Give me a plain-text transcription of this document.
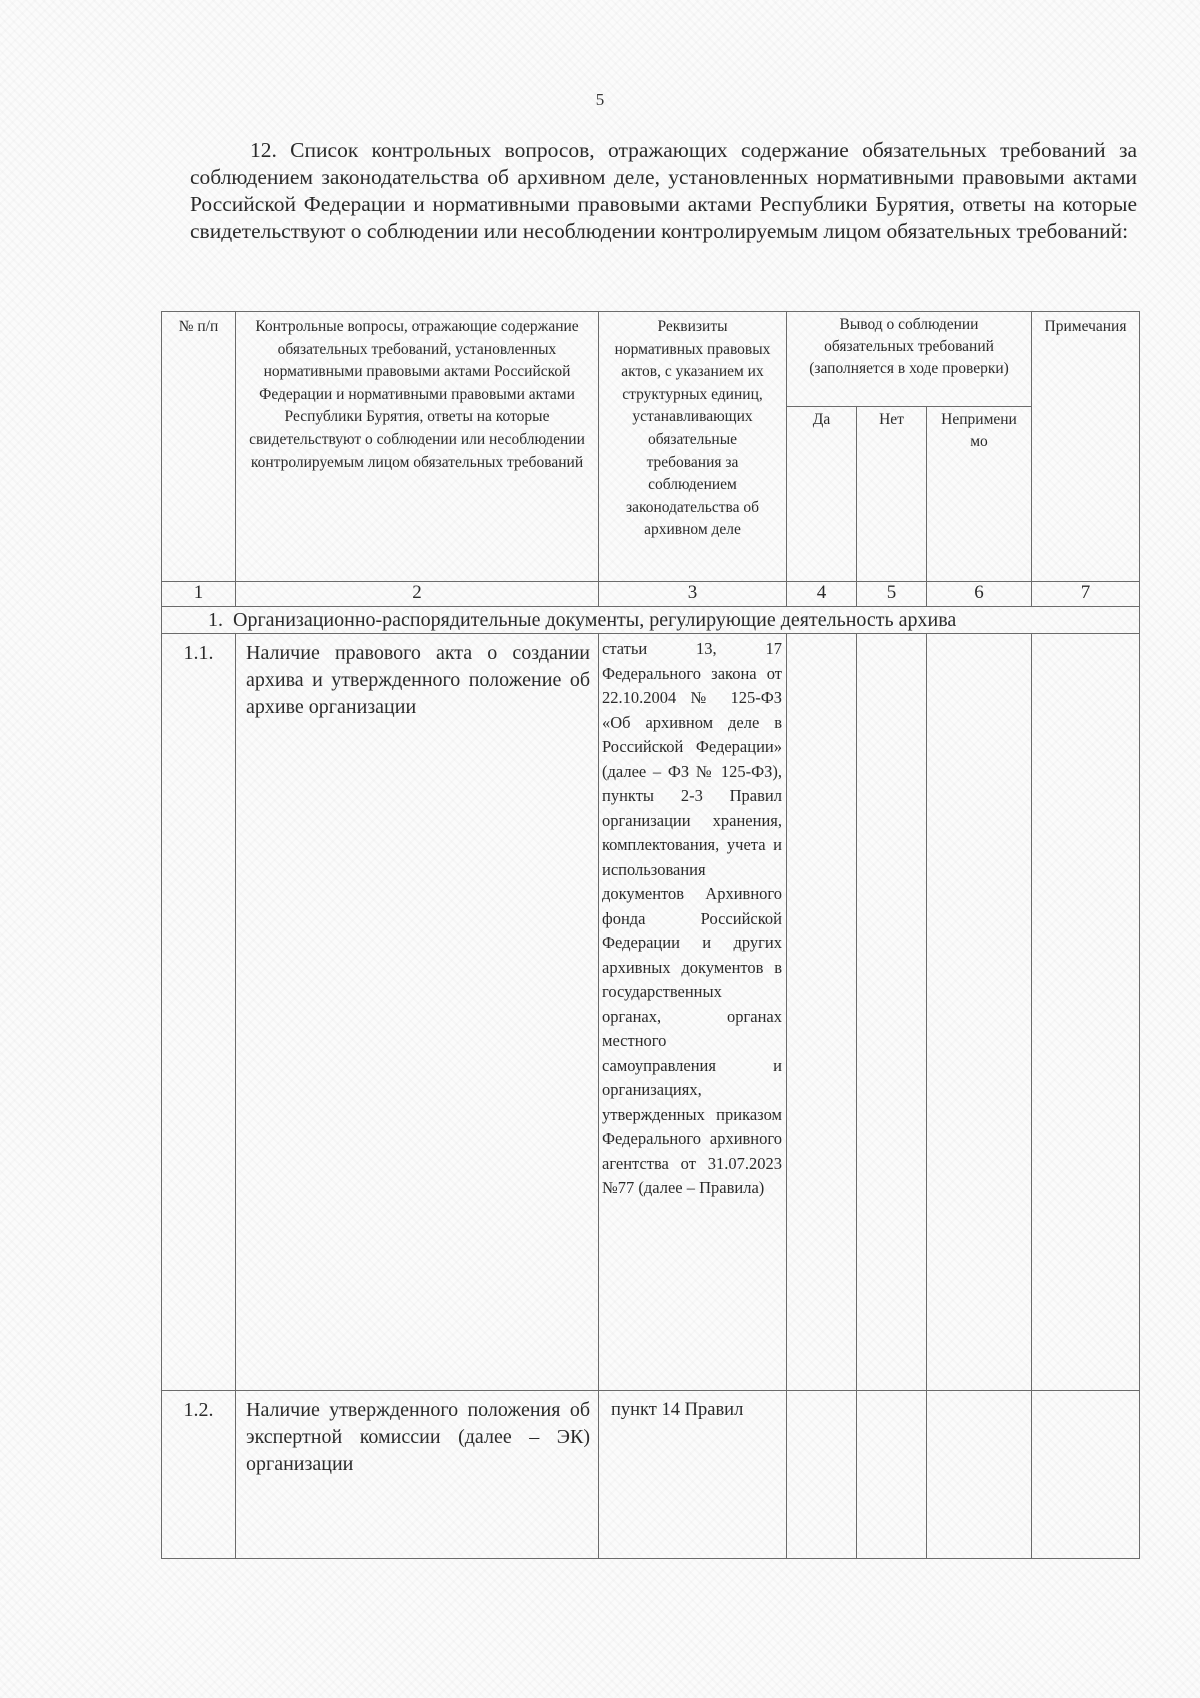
5

12. Список контрольных вопросов, отражающих содержание обязательных требований за соблюдением законодательства об архивном деле, установленных нормативными правовыми актами Российской Федерации и нормативными правовыми актами Республики Бурятия, ответы на которые свидетельствуют о соблюдении или несоблюдении контролируемым лицом обязательных требований:

№ п/п	Контрольные вопросы, отражающие содержание обязательных требований, установленных нормативными правовыми актами Российской Федерации и нормативными правовыми актами Республики Бурятия, ответы на которые свидетельствуют о соблюдении или несоблюдении контролируемым лицом обязательных требований	Реквизиты нормативных правовых актов, с указанием их структурных единиц, устанавливающих обязательные требования за соблюдением законодательства об архивном деле	Вывод о соблюдении обязательных требований (заполняется в ходе проверки)			Примечания
			Да	Нет	Неприменимо	
1	2	3	4	5	6	7
1. Организационно-распорядительные документы, регулирующие деятельность архива						
1.1.	Наличие правового акта о создании архива и утвержденного положение об архиве организации	статьи 13, 17 Федерального закона от 22.10.2004 № 125-ФЗ «Об архивном деле в Российской Федерации» (далее – ФЗ № 125-ФЗ), пункты 2-3 Правил организации хранения, комплектования, учета и использования документов Архивного фонда Российской Федерации и других архивных документов в государственных органах, органах местного самоуправления и организациях, утвержденных приказом Федерального архивного агентства от 31.07.2023 №77 (далее – Правила)				
1.2.	Наличие утвержденного положения об экспертной комиссии (далее – ЭК) организации	пункт 14 Правил				
